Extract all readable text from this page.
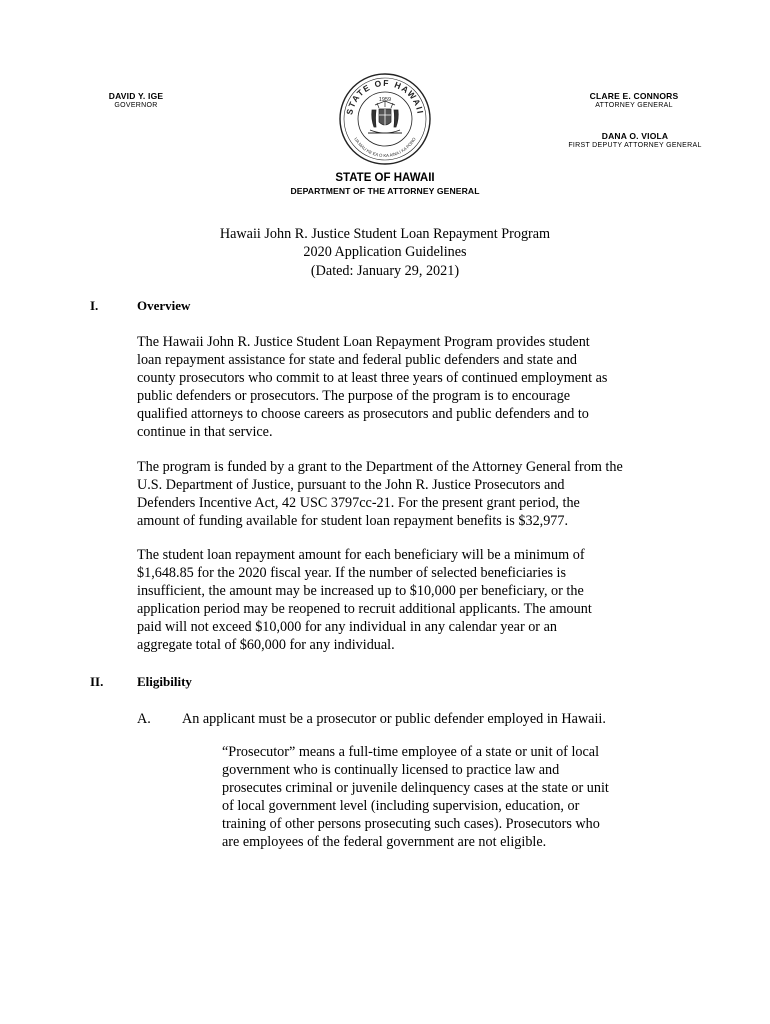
DAVID Y. IGE
GOVERNOR
STATE OF HAWAII
UA MAU KE EA O KA AINA I KA PONO
1959	CLARE E. CONNORS
ATTORNEY GENERAL
DANA O. VIOLA
FIRST DEPUTY ATTORNEY GENERAL
STATE OF HAWAII
DEPARTMENT OF THE ATTORNEY GENERAL
Hawaii John R. Justice Student Loan Repayment Program
2020 Application Guidelines
(Dated: January 29, 2021)
I.	Overview
The Hawaii John R. Justice Student Loan Repayment Program provides student
loan repayment assistance for state and federal public defenders and state and
county prosecutors who commit to at least three years of continued employment as
public defenders or prosecutors. The purpose of the program is to encourage
qualified attorneys to choose careers as prosecutors and public defenders and to
continue in that service.
The program is funded by a grant to the Department of the Attorney General from the
U.S. Department of Justice, pursuant to the John R. Justice Prosecutors and
Defenders Incentive Act, 42 USC 3797cc-21. For the present grant period, the
amount of funding available for student loan repayment benefits is $32,977.
The student loan repayment amount for each beneficiary will be a minimum of
$1,648.85 for the 2020 fiscal year. If the number of selected beneficiaries is
insufficient, the amount may be increased up to $10,000 per beneficiary, or the
application period may be reopened to recruit additional applicants. The amount
paid will not exceed $10,000 for any individual in any calendar year or an
aggregate total of $60,000 for any individual.
II.	Eligibility
A. An applicant must be a prosecutor or public defender employed in Hawaii.
“Prosecutor” means a full-time employee of a state or unit of local
government who is continually licensed to practice law and
prosecutes criminal or juvenile delinquency cases at the state or unit
of local government level (including supervision, education, or
training of other persons prosecuting such cases). Prosecutors who
are employees of the federal government are not eligible.
